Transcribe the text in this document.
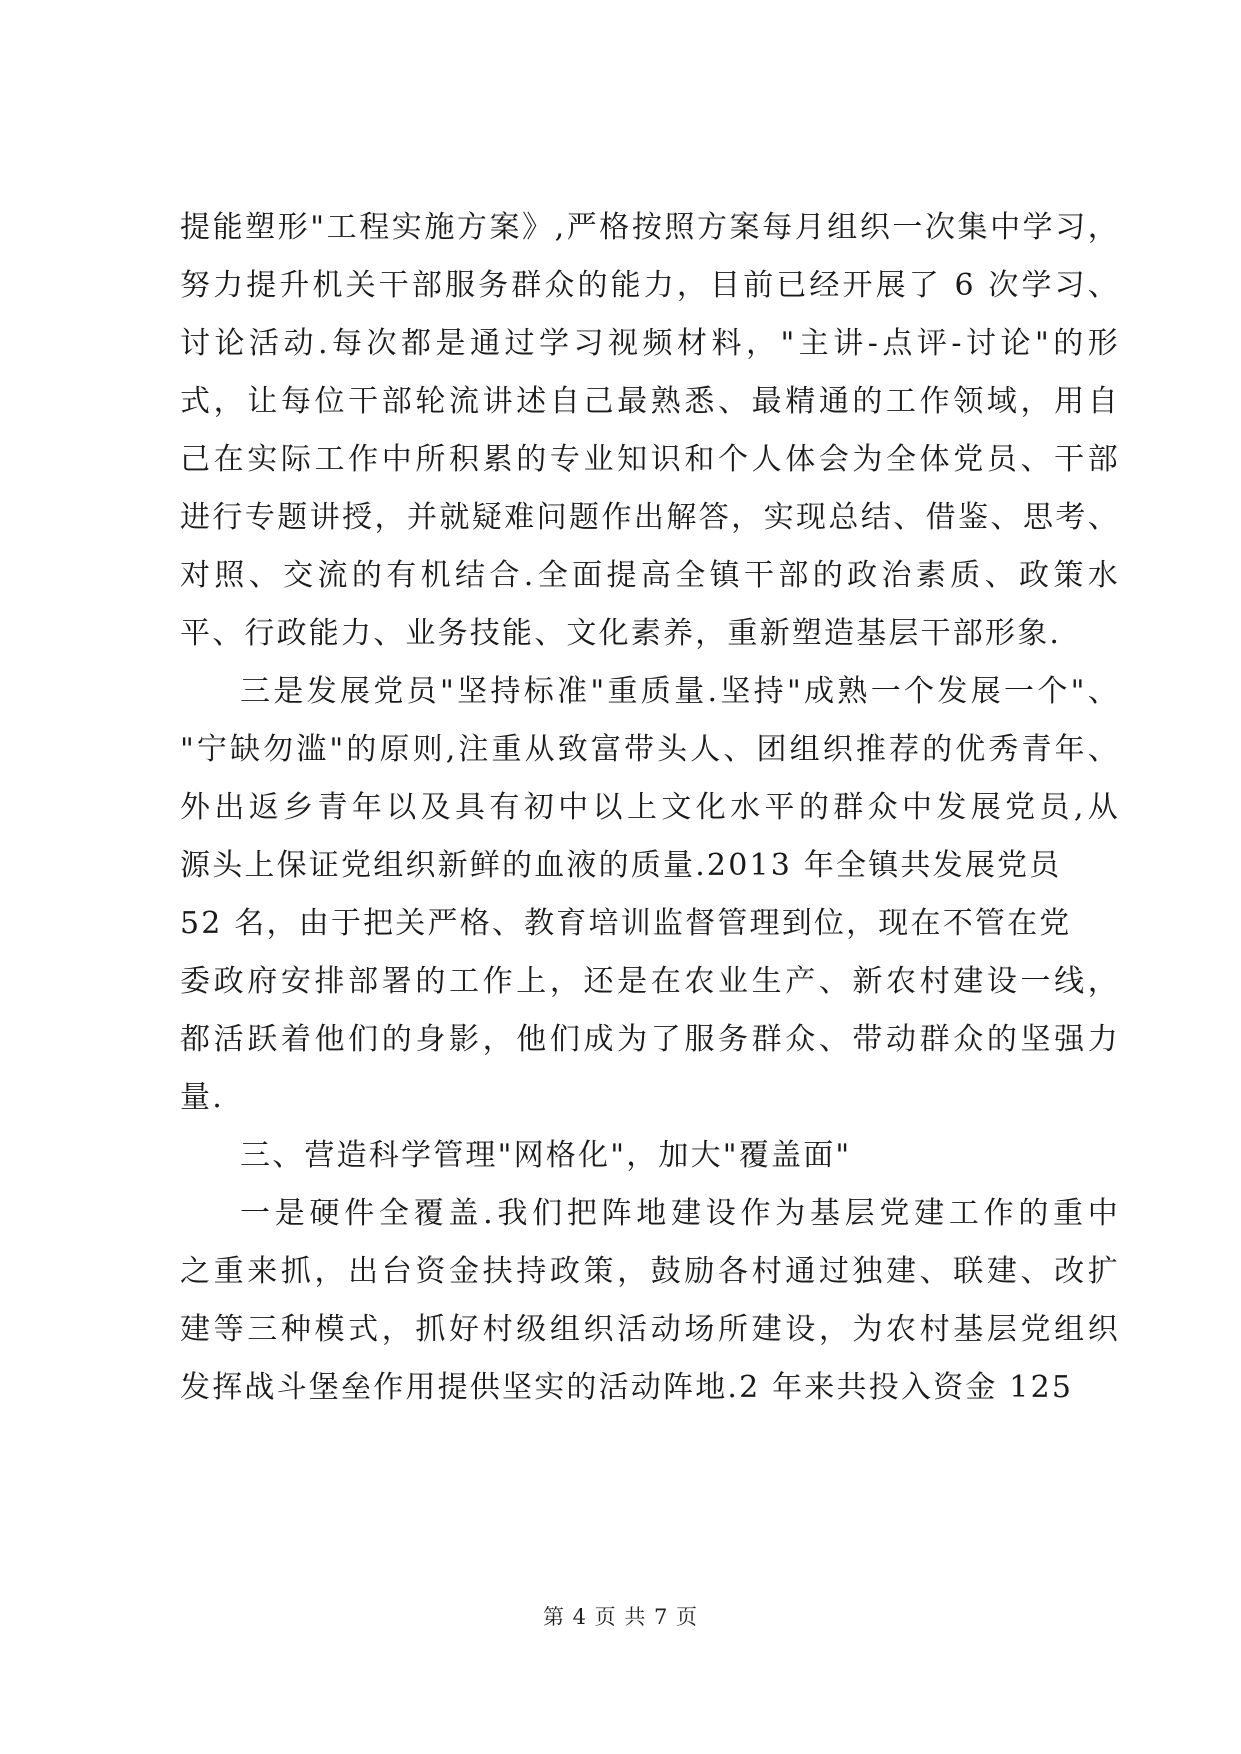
提能塑形"工程实施方案》,严格按照方案每月组织一次集中学习，
努力提升机关干部服务群众的能力，目前已经开展了 6 次学习、
讨论活动.每次都是通过学习视频材料，"主讲-点评-讨论"的形
式，让每位干部轮流讲述自己最熟悉、最精通的工作领域，用自
己在实际工作中所积累的专业知识和个人体会为全体党员、干部
进行专题讲授，并就疑难问题作出解答，实现总结、借鉴、思考、
对照、交流的有机结合.全面提高全镇干部的政治素质、政策水
平、行政能力、业务技能、文化素养，重新塑造基层干部形象.
三是发展党员"坚持标准"重质量.坚持"成熟一个发展一个"、
"宁缺勿滥"的原则,注重从致富带头人、团组织推荐的优秀青年、
外出返乡青年以及具有初中以上文化水平的群众中发展党员,从
源头上保证党组织新鲜的血液的质量.2013 年全镇共发展党员
52 名，由于把关严格、教育培训监督管理到位，现在不管在党
委政府安排部署的工作上，还是在农业生产、新农村建设一线，
都活跃着他们的身影，他们成为了服务群众、带动群众的坚强力
量.
三、营造科学管理"网格化"，加大"覆盖面"
一是硬件全覆盖.我们把阵地建设作为基层党建工作的重中
之重来抓，出台资金扶持政策，鼓励各村通过独建、联建、改扩
建等三种模式，抓好村级组织活动场所建设，为农村基层党组织
发挥战斗堡垒作用提供坚实的活动阵地.2 年来共投入资金 125
第 4 页 共 7 页
